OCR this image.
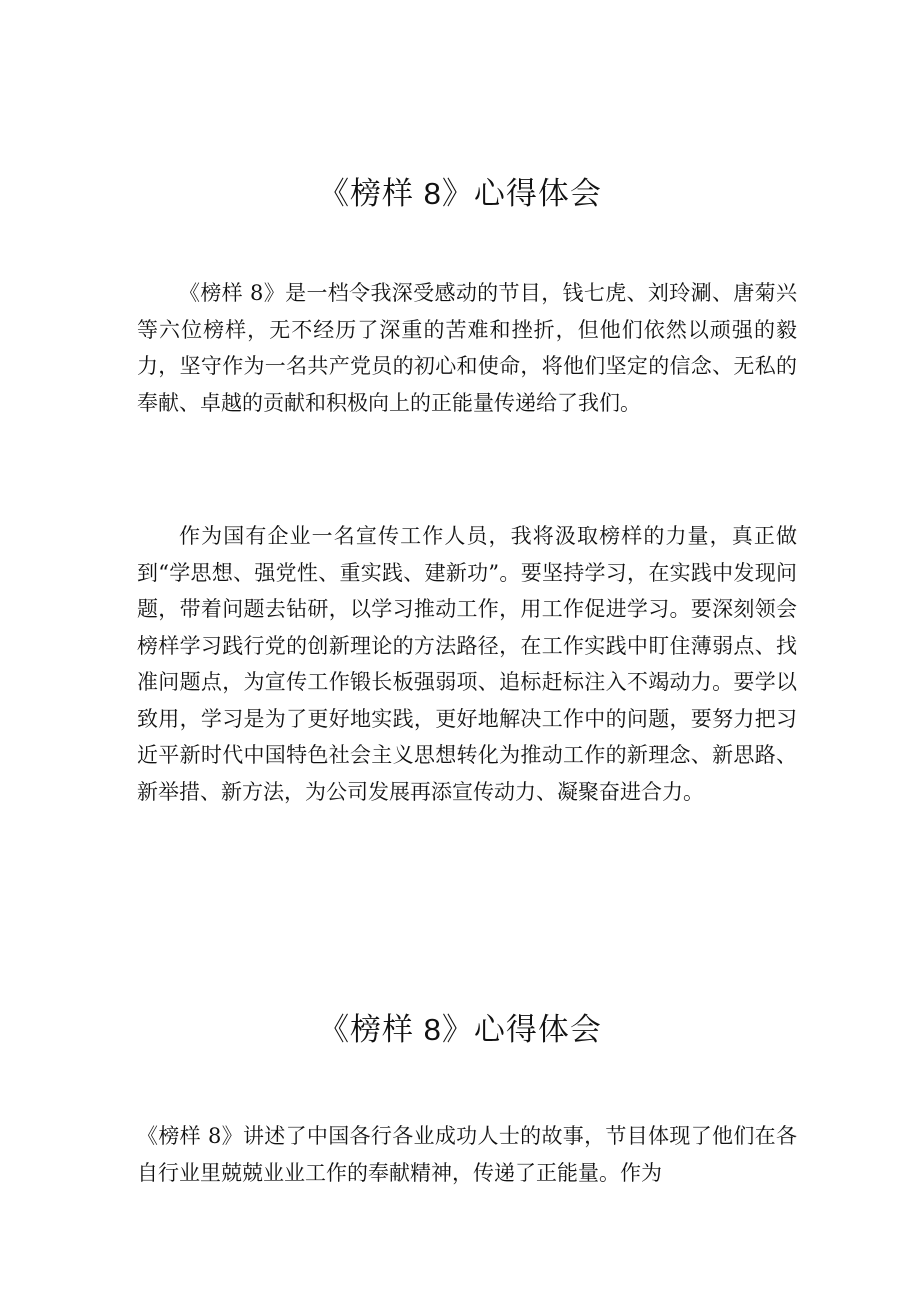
《榜样 8》心得体会

《榜样 8》是一档令我深受感动的节目，钱七虎、刘玲涮、唐菊兴等六位榜样，无不经历了深重的苦难和挫折，但他们依然以顽强的毅力，坚守作为一名共产党员的初心和使命，将他们坚定的信念、无私的奉献、卓越的贡献和积极向上的正能量传递给了我们。

作为国有企业一名宣传工作人员，我将汲取榜样的力量，真正做到“学思想、强党性、重实践、建新功”。要坚持学习，在实践中发现问题，带着问题去钻研，以学习推动工作，用工作促进学习。要深刻领会榜样学习践行党的创新理论的方法路径，在工作实践中盯住薄弱点、找准问题点，为宣传工作锻长板强弱项、追标赶标注入不竭动力。要学以致用，学习是为了更好地实践，更好地解决工作中的问题，要努力把习近平新时代中国特色社会主义思想转化为推动工作的新理念、新思路、新举措、新方法，为公司发展再添宣传动力、凝聚奋进合力。

《榜样 8》心得体会

《榜样 8》讲述了中国各行各业成功人士的故事，节目体现了他们在各自行业里兢兢业业工作的奉献精神，传递了正能量。作为
